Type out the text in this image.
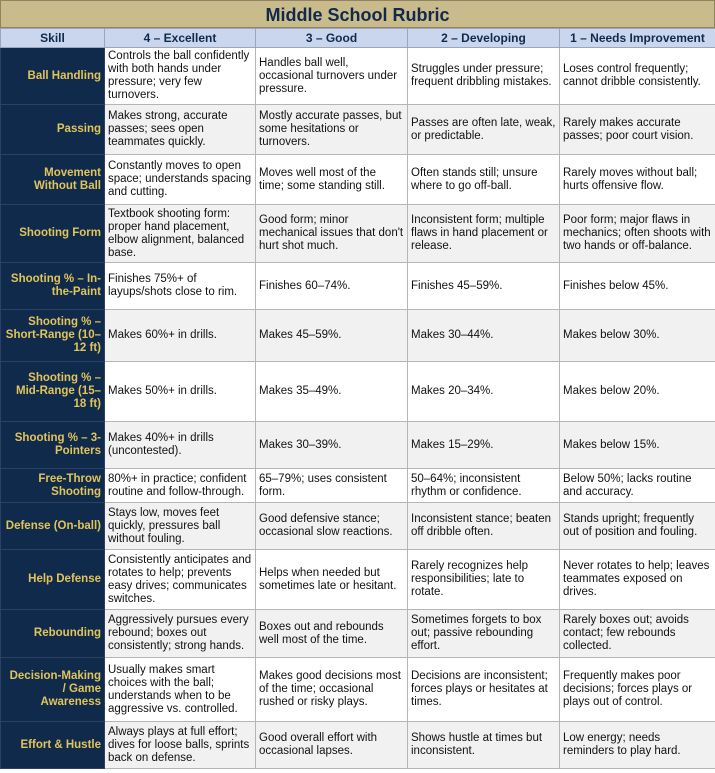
Middle School Rubric
Skill	4 – Excellent	3 – Good	2 – Developing	1 – Needs Improvement
Ball Handling	Controls the ball confidently with both hands under pressure; very few turnovers.	Handles ball well, occasional turnovers under pressure.	Struggles under pressure; frequent dribbling mistakes.	Loses control frequently; cannot dribble consistently.
Passing	Makes strong, accurate passes; sees open teammates quickly.	Mostly accurate passes, but some hesitations or turnovers.	Passes are often late, weak, or predictable.	Rarely makes accurate passes; poor court vision.
Movement Without Ball	Constantly moves to open space; understands spacing and cutting.	Moves well most of the time; some standing still.	Often stands still; unsure where to go off-ball.	Rarely moves without ball; hurts offensive flow.
Shooting Form	Textbook shooting form: proper hand placement, elbow alignment, balanced base.	Good form; minor mechanical issues that don't hurt shot much.	Inconsistent form; multiple flaws in hand placement or release.	Poor form; major flaws in mechanics; often shoots with two hands or off-balance.
Shooting % – In-the-Paint	Finishes 75%+ of layups/shots close to rim.	Finishes 60–74%.	Finishes 45–59%.	Finishes below 45%.
Shooting % – Short-Range (10–12 ft)	Makes 60%+ in drills.	Makes 45–59%.	Makes 30–44%.	Makes below 30%.
Shooting % – Mid-Range (15–18 ft)	Makes 50%+ in drills.	Makes 35–49%.	Makes 20–34%.	Makes below 20%.
Shooting % – 3-Pointers	Makes 40%+ in drills (uncontested).	Makes 30–39%.	Makes 15–29%.	Makes below 15%.
Free-Throw Shooting	80%+ in practice; confident routine and follow-through.	65–79%; uses consistent form.	50–64%; inconsistent rhythm or confidence.	Below 50%; lacks routine and accuracy.
Defense (On-ball)	Stays low, moves feet quickly, pressures ball without fouling.	Good defensive stance; occasional slow reactions.	Inconsistent stance; beaten off dribble often.	Stands upright; frequently out of position and fouling.
Help Defense	Consistently anticipates and rotates to help; prevents easy drives; communicates switches.	Helps when needed but sometimes late or hesitant.	Rarely recognizes help responsibilities; late to rotate.	Never rotates to help; leaves teammates exposed on drives.
Rebounding	Aggressively pursues every rebound; boxes out consistently; strong hands.	Boxes out and rebounds well most of the time.	Sometimes forgets to box out; passive rebounding effort.	Rarely boxes out; avoids contact; few rebounds collected.
Decision-Making / Game Awareness	Usually makes smart choices with the ball; understands when to be aggressive vs. controlled.	Makes good decisions most of the time; occasional rushed or risky plays.	Decisions are inconsistent; forces plays or hesitates at times.	Frequently makes poor decisions; forces plays or plays out of control.
Effort & Hustle	Always plays at full effort; dives for loose balls, sprints back on defense.	Good overall effort with occasional lapses.	Shows hustle at times but inconsistent.	Low energy; needs reminders to play hard.
